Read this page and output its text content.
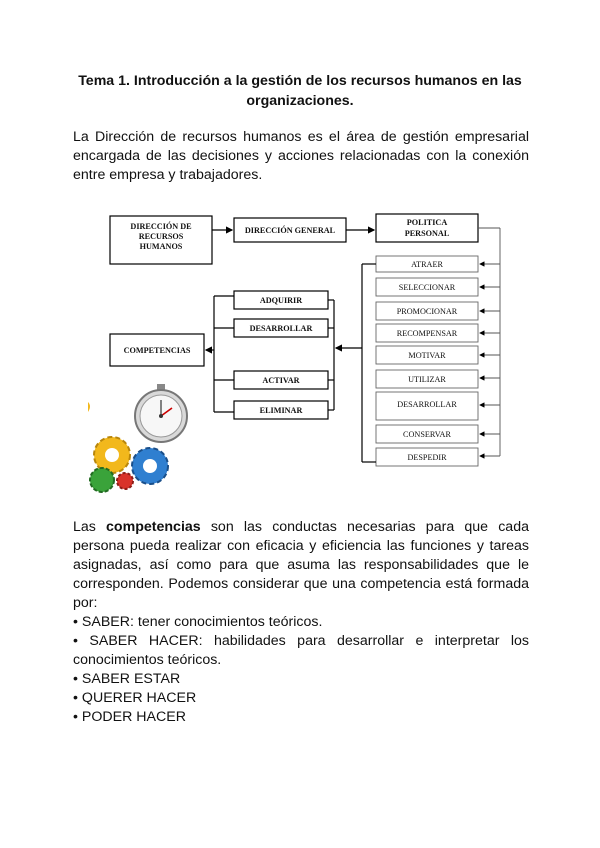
Tema 1. Introducción a la gestión de los recursos humanos en las
organizaciones.
La Dirección de recursos humanos es el área de gestión empresarial encargada de las decisiones y acciones relacionadas con la conexión entre empresa y trabajadores.
DIRECCIÓN DE
RECURSOS
HUMANOS
DIRECCIÓN GENERAL
POLITICA
PERSONAL
ATRAER
SELECCIONAR
PROMOCIONAR
RECOMPENSAR
MOTIVAR
UTILIZAR
DESARROLLAR
CONSERVAR
DESPEDIR
ADQUIRIR
DESARROLLAR
ACTIVAR
ELIMINAR
COMPETENCIAS
Las competencias son las conductas necesarias para que cada persona pueda realizar con eficacia y eficiencia las funciones y tareas asignadas, así como para que asuma las responsabilidades que le corresponden. Podemos considerar que una competencia está formada por:
• SABER: tener conocimientos teóricos.
• SABER HACER: habilidades para desarrollar e interpretar los conocimientos teóricos.
• SABER ESTAR
• QUERER HACER
• PODER HACER
